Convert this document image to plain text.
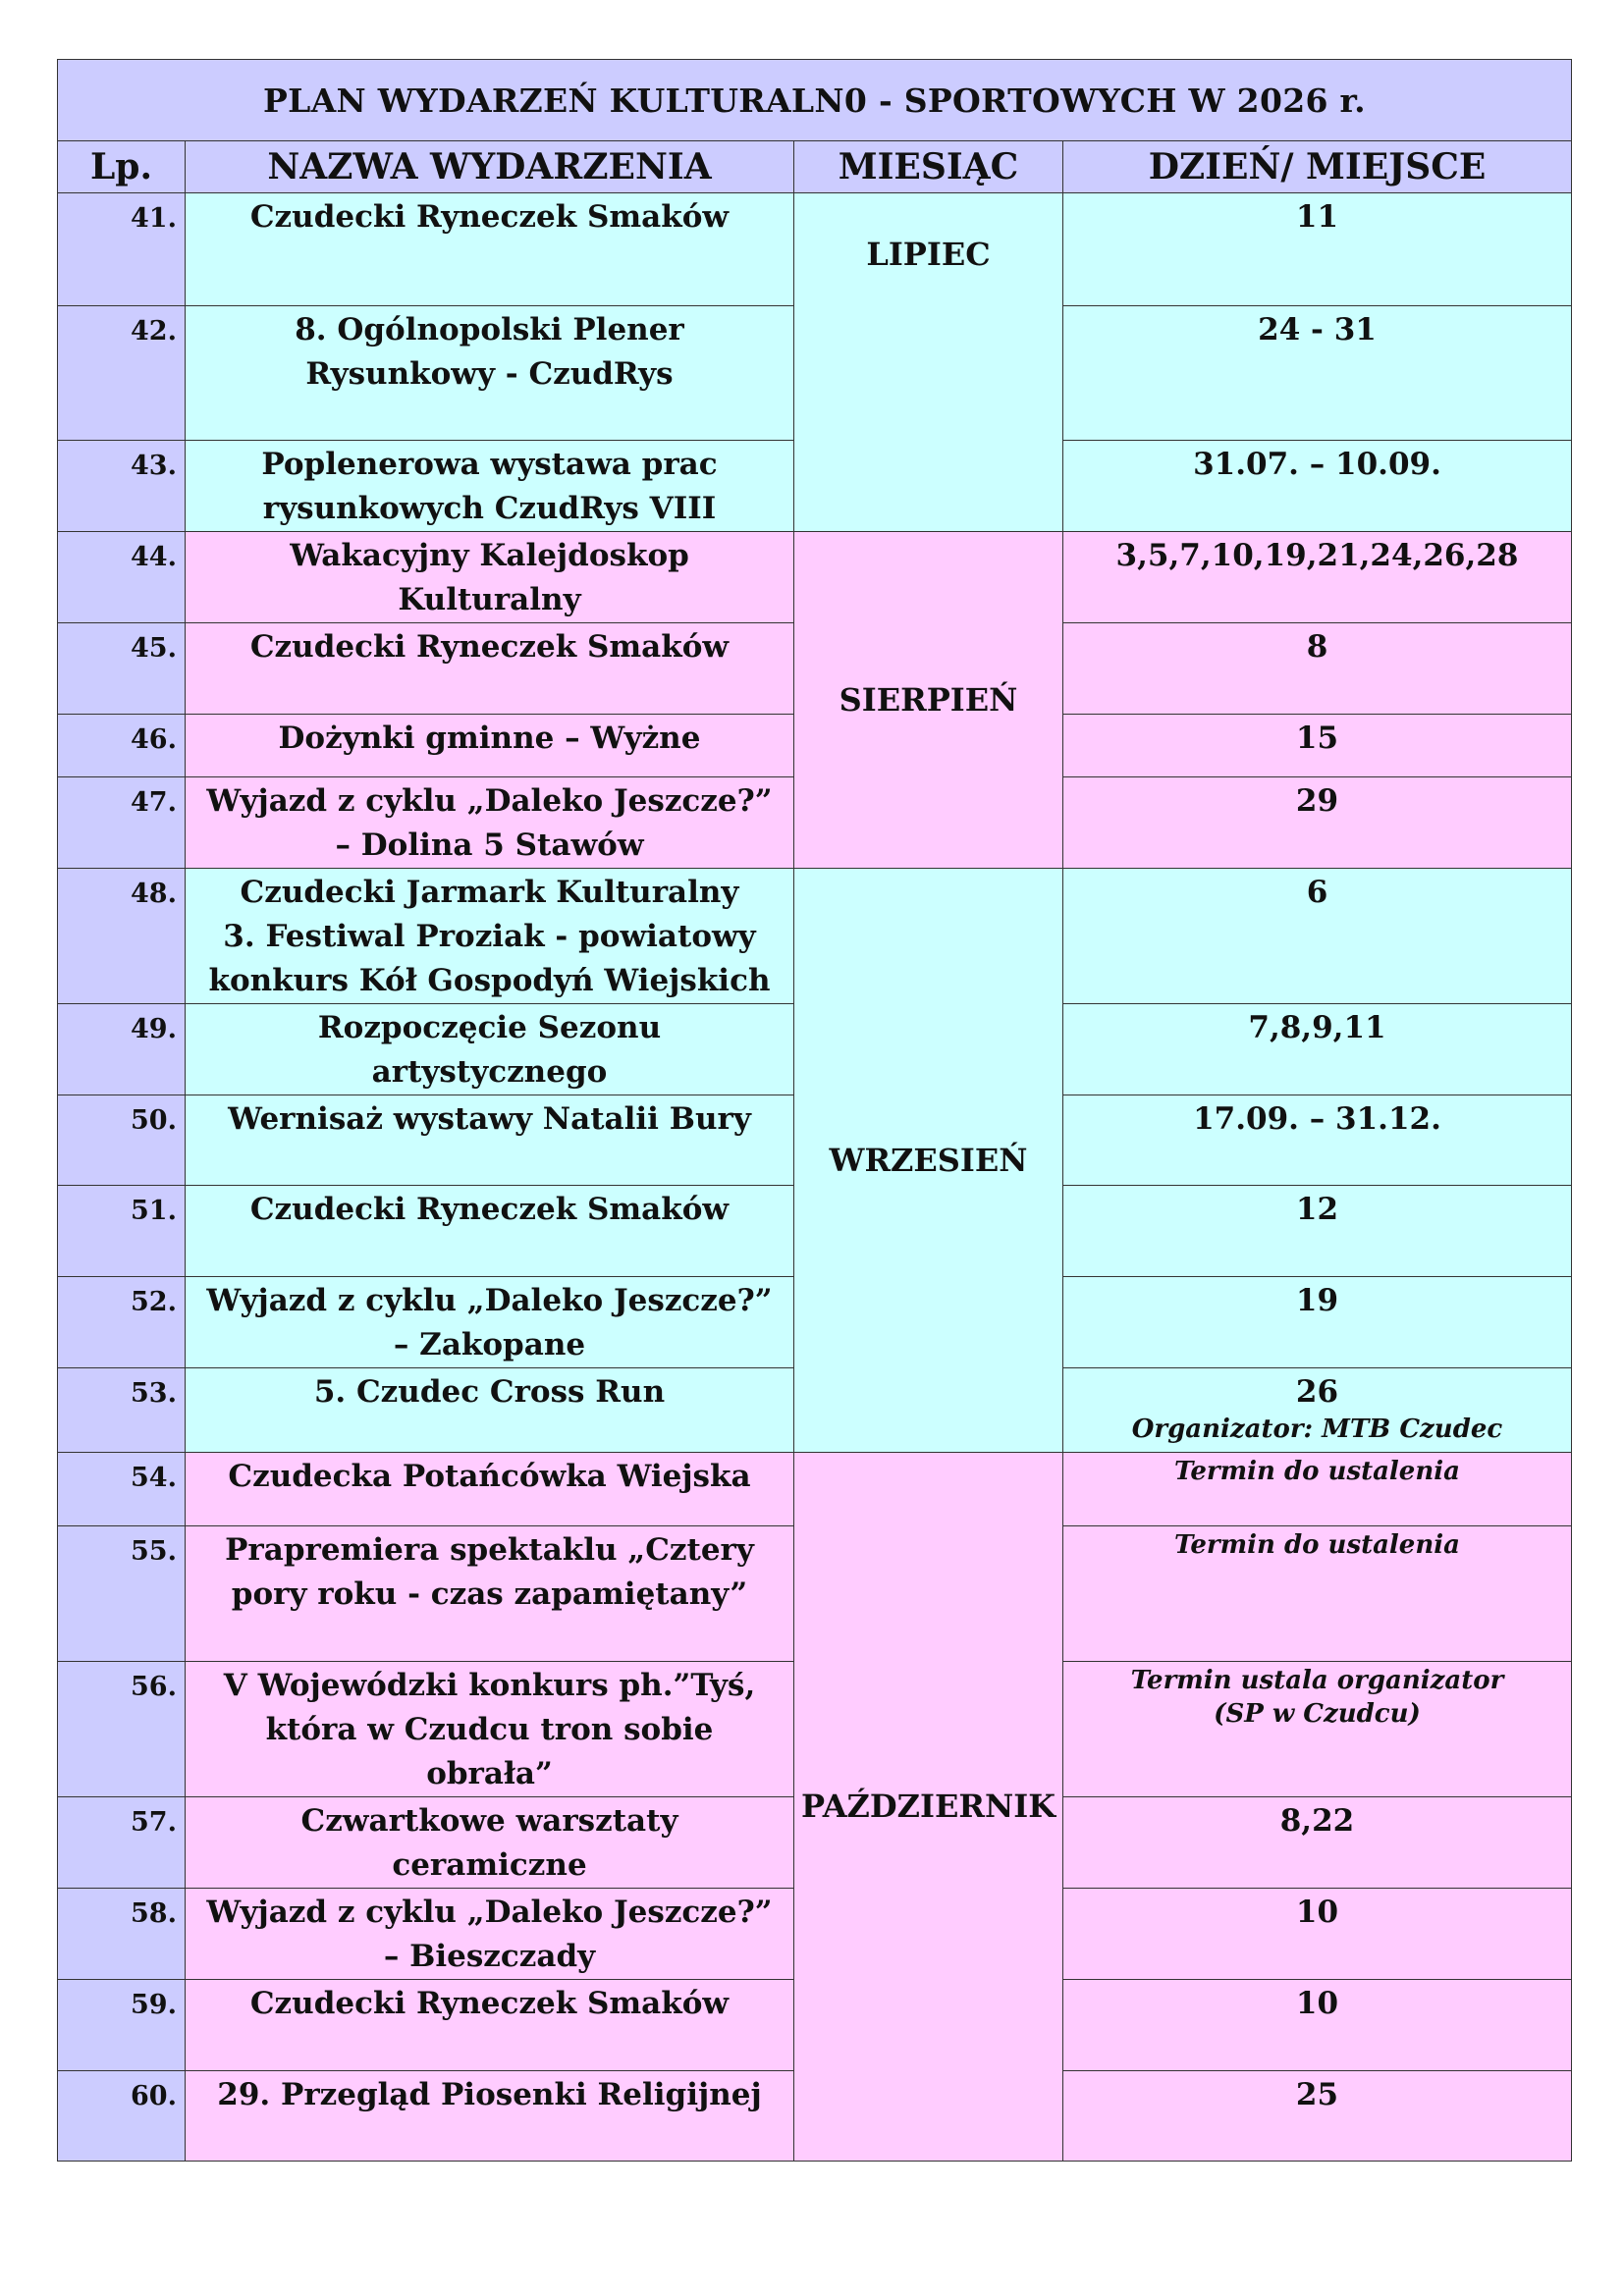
PLAN WYDARZEŃ KULTURALN0 - SPORTOWYCH W 2026 r.			
Lp.	NAZWA WYDARZENIA	MIESIĄC	DZIEŃ/ MIEJSCE

41.	Czudecki Ryneczek Smaków	LIPIEC	11

42.	8. Ogólnopolski Plener
Rysunkowy - CzudRys		24 - 31

43.	Poplenerowa wystawa prac
rysunkowych CzudRys VIII		31.07. – 10.09.

44.	Wakacyjny Kalejdoskop
Kulturalny	SIERPIEŃ	3,5,7,10,19,21,24,26,28

45.	Czudecki Ryneczek Smaków		8

46.	Dożynki gminne – Wyżne		15

47.	Wyjazd z cyklu „Daleko Jeszcze?”
– Dolina 5 Stawów		29

48.	Czudecki Jarmark Kulturalny
3. Festiwal Proziak - powiatowy
konkurs Kół Gospodyń Wiejskich	WRZESIEŃ	6

49.	Rozpoczęcie Sezonu
artystycznego		7,8,9,11

50.	Wernisaż wystawy Natalii Bury		17.09. – 31.12.

51.	Czudecki Ryneczek Smaków		12

52.	Wyjazd z cyklu „Daleko Jeszcze?”
– Zakopane		19

53.	5. Czudec Cross Run		26
Organizator: MTB Czudec

54.	Czudecka Potańcówka Wiejska	PAŹDZIERNIK	Termin do ustalenia

55.	Prapremiera spektaklu „Cztery
pory roku - czas zapamiętany”		Termin do ustalenia

56.	V Wojewódzki konkurs ph.”Tyś,
która w Czudcu tron sobie
obrała”		Termin ustala organizator
(SP w Czudcu)

57.	Czwartkowe warsztaty
ceramiczne		8,22

58.	Wyjazd z cyklu „Daleko Jeszcze?”
– Bieszczady		10

59.	Czudecki Ryneczek Smaków		10

60.	29. Przegląd Piosenki Religijnej		25
